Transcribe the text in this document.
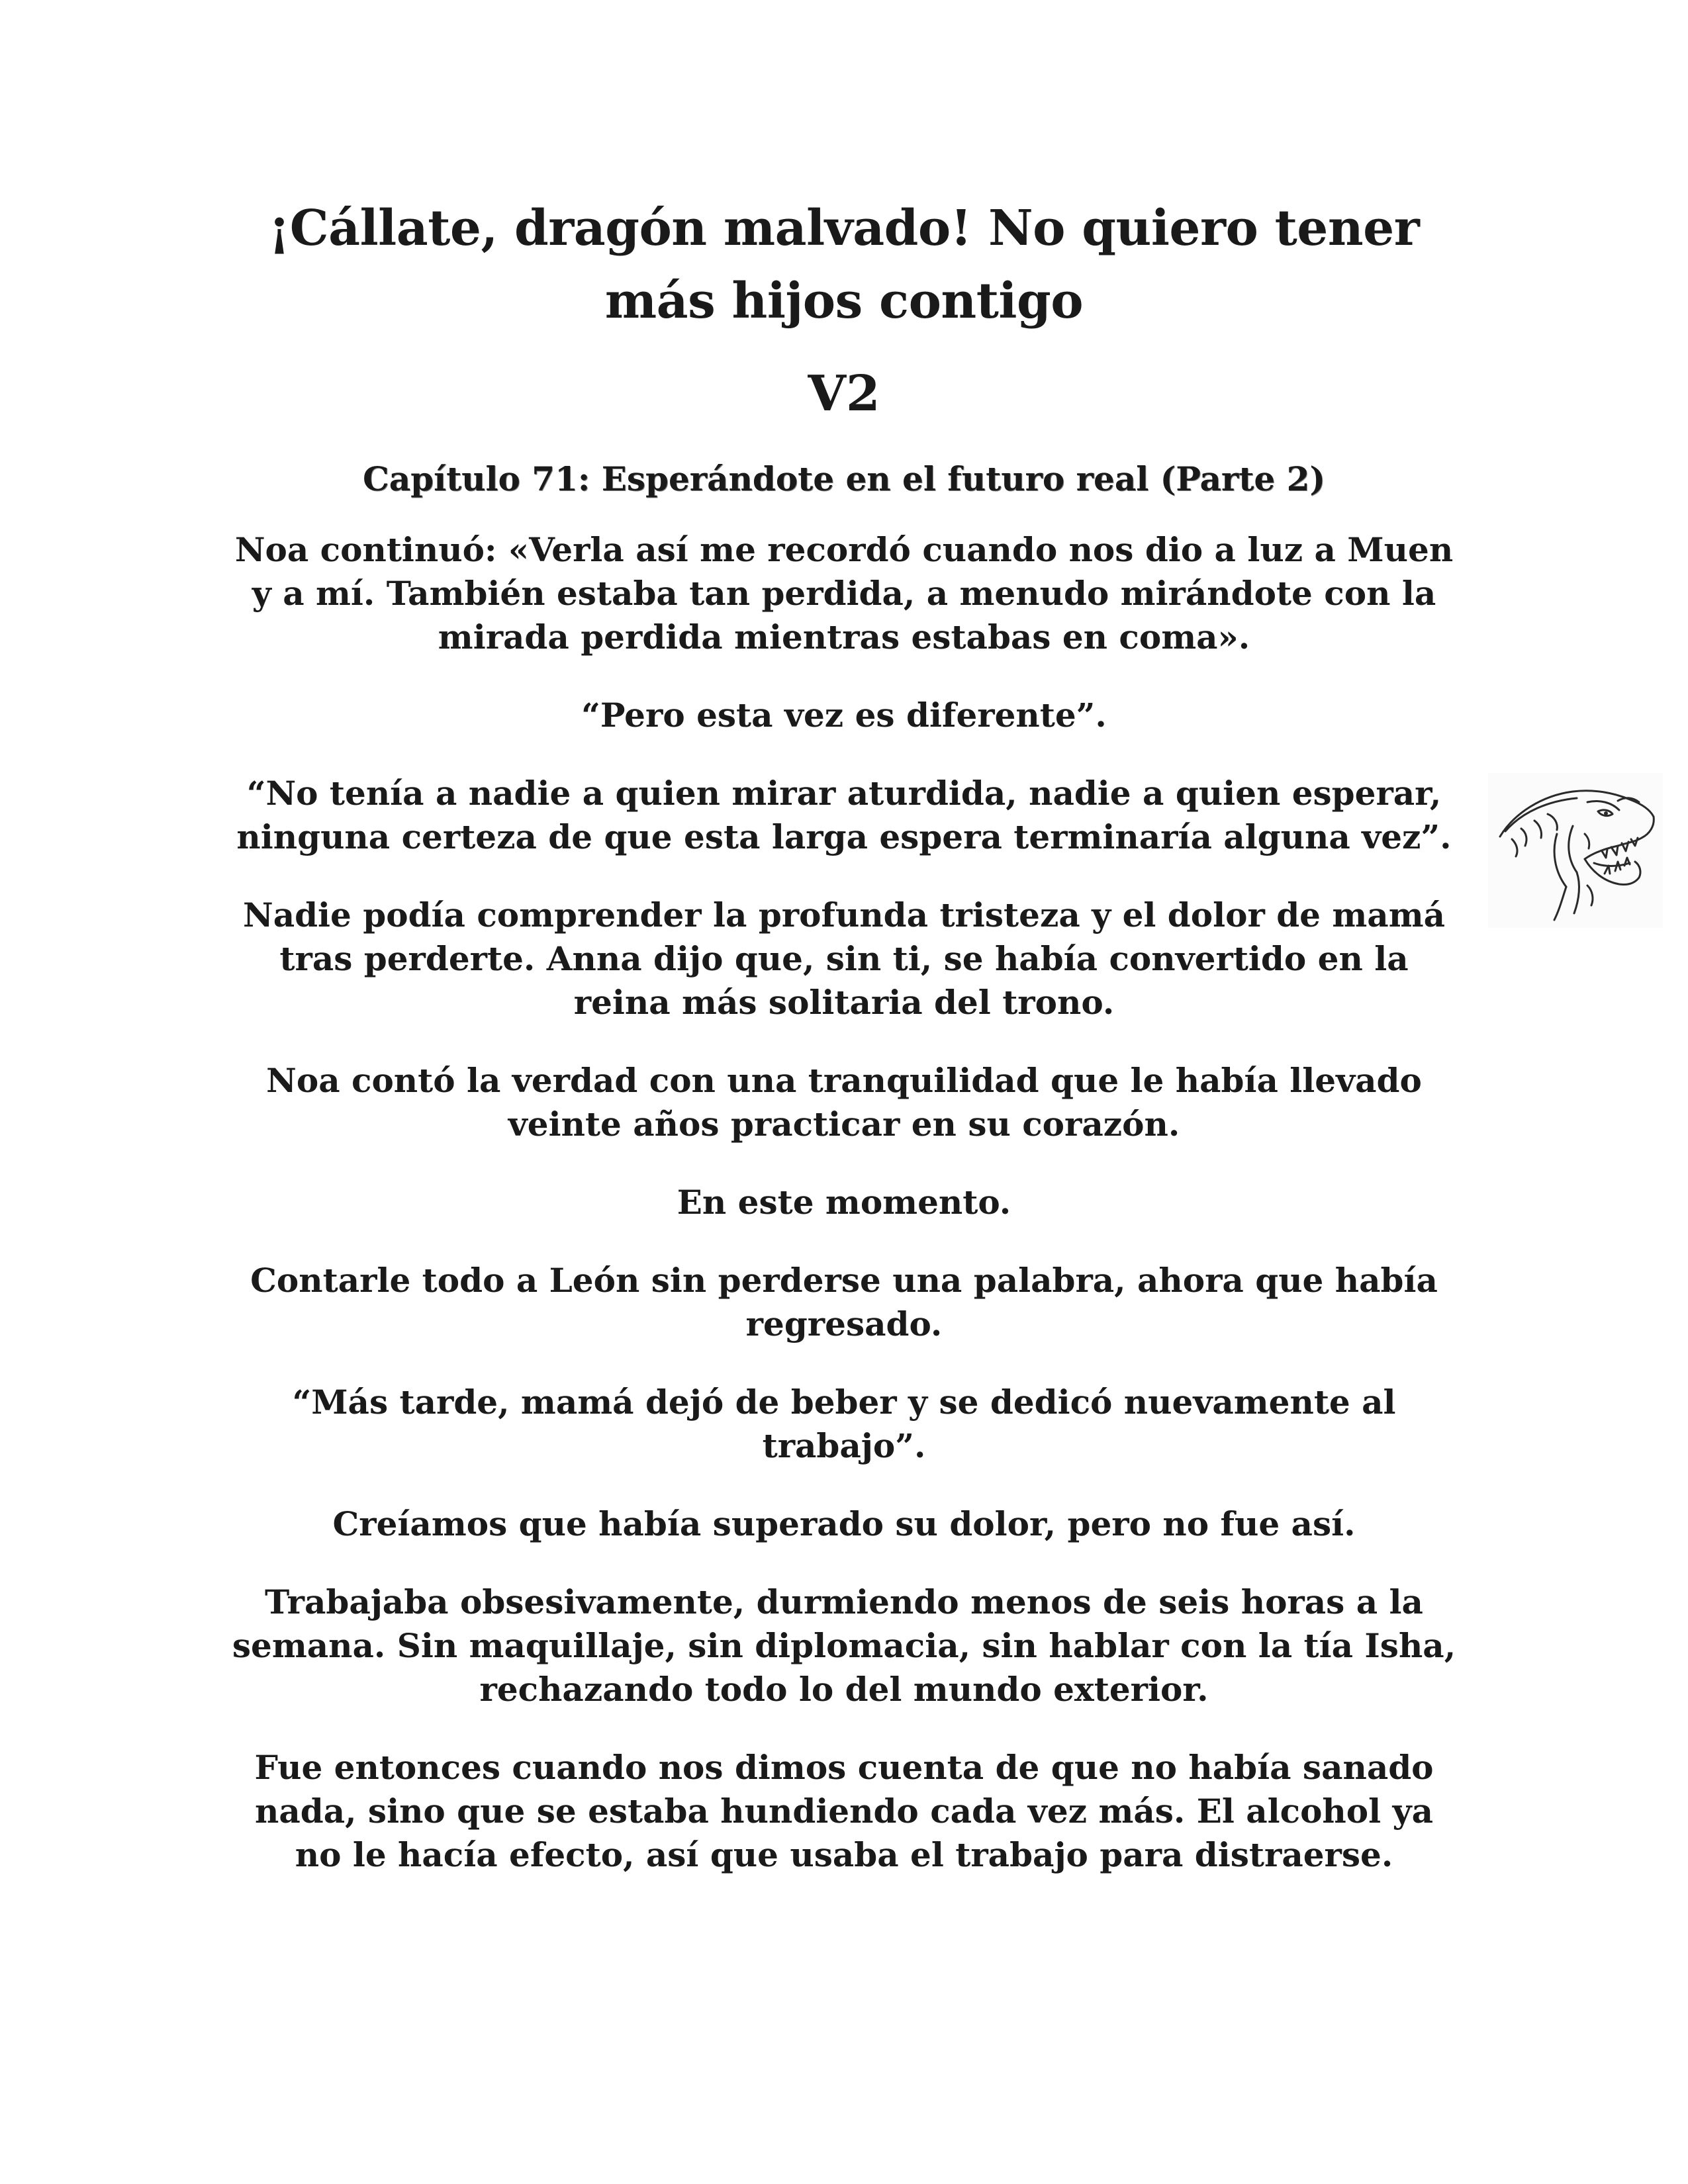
¡Cállate, dragón malvado! No quiero tener más hijos contigo
V2
Capítulo 71: Esperándote en el futuro real (Parte 2)

Noa continuó: «Verla así me recordó cuando nos dio a luz a Muen y a mí. También estaba tan perdida, a menudo mirándote con la mirada perdida mientras estabas en coma».

“Pero esta vez es diferente”.

“No tenía a nadie a quien mirar aturdida, nadie a quien esperar, ninguna certeza de que esta larga espera terminaría alguna vez”.

Nadie podía comprender la profunda tristeza y el dolor de mamá tras perderte. Anna dijo que, sin ti, se había convertido en la reina más solitaria del trono.

Noa contó la verdad con una tranquilidad que le había llevado veinte años practicar en su corazón.

En este momento.

Contarle todo a León sin perderse una palabra, ahora que había regresado.

“Más tarde, mamá dejó de beber y se dedicó nuevamente al trabajo”.

Creíamos que había superado su dolor, pero no fue así.

Trabajaba obsesivamente, durmiendo menos de seis horas a la semana. Sin maquillaje, sin diplomacia, sin hablar con la tía Isha, rechazando todo lo del mundo exterior.

Fue entonces cuando nos dimos cuenta de que no había sanado nada, sino que se estaba hundiendo cada vez más. El alcohol ya no le hacía efecto, así que usaba el trabajo para distraerse.
